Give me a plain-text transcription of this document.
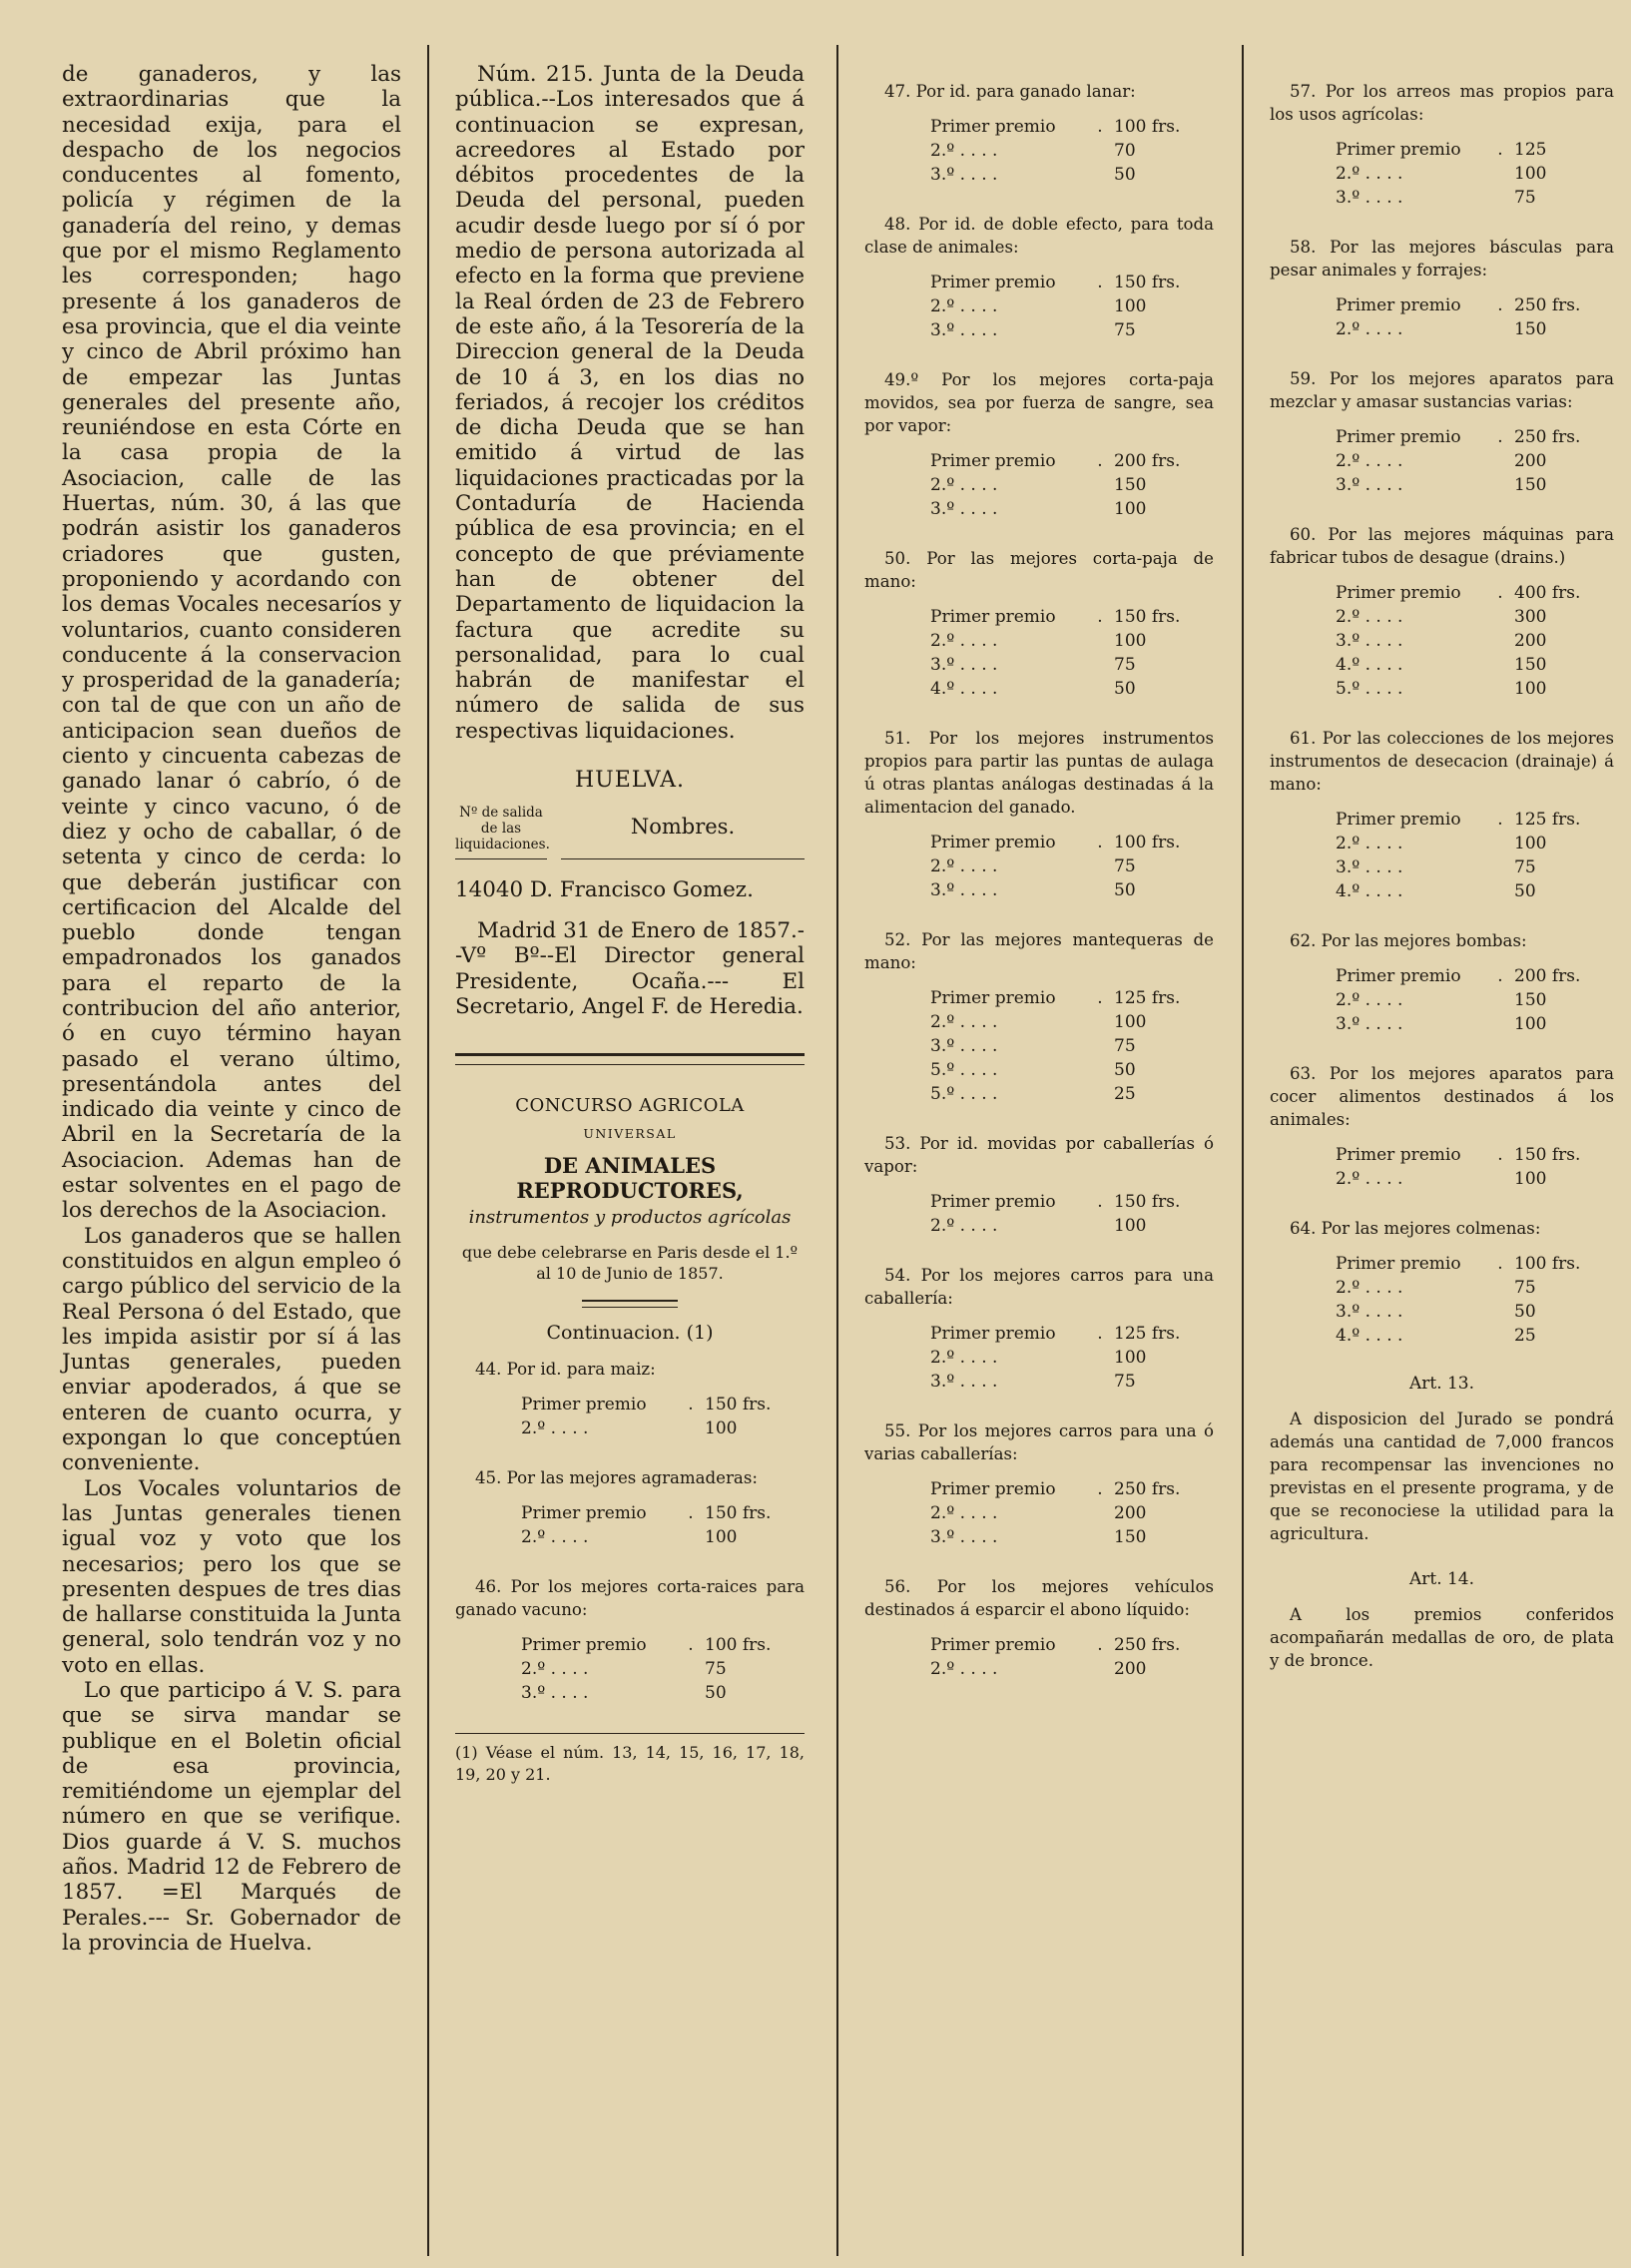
de ganaderos, y las extraordinarias que la necesidad exija, para el despacho de los negocios conducentes al fomento, policía y régimen de la ganadería del reino, y demas que por el mismo Reglamento les corresponden; hago presente á los ganaderos de esa provincia, que el dia veinte y cinco de Abril próximo han de empezar las Juntas generales del presente año, reuniéndose en esta Córte en la casa propia de la Asociacion, calle de las Huertas, núm. 30, á las que podrán asistir los ganaderos criadores que gusten, proponiendo y acordando con los demas Vocales necesaríos y voluntarios, cuanto consideren conducente á la conservacion y prosperidad de la ganadería; con tal de que con un año de anticipacion sean dueños de ciento y cincuenta cabezas de ganado lanar ó cabrío, ó de veinte y cinco vacuno, ó de diez y ocho de caballar, ó de setenta y cinco de cerda: lo que deberán justificar con certificacion del Alcalde del pueblo donde tengan empadronados los ganados para el reparto de la contribucion del año anterior, ó en cuyo término hayan pasado el verano último, presentándola antes del indicado dia veinte y cinco de Abril en la Secretaría de la Asociacion. Ademas han de estar solventes en el pago de los derechos de la Asociacion.

Los ganaderos que se hallen constituidos en algun empleo ó cargo público del servicio de la Real Persona ó del Estado, que les impida asistir por sí á las Juntas generales, pueden enviar apoderados, á que se enteren de cuanto ocurra, y expongan lo que conceptúen conveniente.

Los Vocales voluntarios de las Juntas generales tienen igual voz y voto que los necesarios; pero los que se presenten despues de tres dias de hallarse constituida la Junta general, solo tendrán voz y no voto en ellas.

Lo que participo á V. S. para que se sirva mandar se publique en el Boletin oficial de esa provincia, remitiéndome un ejemplar del número en que se verifique. Dios guarde á V. S. muchos años. Madrid 12 de Febrero de 1857. =El Marqués de Perales.--- Sr. Gobernador de la provincia de Huelva.

Núm. 215. Junta de la Deuda pública.--Los interesados que á continuacion se expresan, acreedores al Estado por débitos procedentes de la Deuda del personal, pueden acudir desde luego por sí ó por medio de persona autorizada al efecto en la forma que previene la Real órden de 23 de Febrero de este año, á la Tesorería de la Direccion general de la Deuda de 10 á 3, en los dias no feriados, á recojer los créditos de dicha Deuda que se han emitido á virtud de las liquidaciones practicadas por la Contaduría de Hacienda pública de esa provincia; en el concepto de que préviamente han de obtener del Departamento de liquidacion la factura que acredite su personalidad, para lo cual habrán de manifestar el número de salida de sus respectivas liquidaciones.

HUELVA.

Nº de salida de las liquidaciones.
Nombres.

14040 D. Francisco Gomez.

Madrid 31 de Enero de 1857.--Vº Bº--El Director general Presidente, Ocaña.--- El Secretario, Angel F. de Heredia.

CONCURSO AGRICOLA

UNIVERSAL

DE ANIMALES REPRODUCTORES,

instrumentos y productos agrícolas

que debe celebrarse en Paris desde el 1.º al 10 de Junio de 1857.

Continuacion. (1)

44. Por id. para maiz:

Primer premio	.	150 frs.
2.º . . . .		100

45. Por las mejores agramaderas:

Primer premio	.	150 frs.
2.º . . . .		100

46. Por los mejores corta-raices para ganado vacuno:

Primer premio	.	100 frs.
2.º . . . .		75
3.º . . . .		50

(1) Véase el núm. 13, 14, 15, 16, 17, 18, 19, 20 y 21.

47. Por id. para ganado lanar:

Primer premio	.	100 frs.
2.º . . . .		70
3.º . . . .		50

48. Por id. de doble efecto, para toda clase de animales:

Primer premio	.	150 frs.
2.º . . . .		100
3.º . . . .		75

49.º Por los mejores corta-paja movidos, sea por fuerza de sangre, sea por vapor:

Primer premio	.	200 frs.
2.º . . . .		150
3.º . . . .		100

50. Por las mejores corta-paja de mano:

Primer premio	.	150 frs.
2.º . . . .		100
3.º . . . .		75
4.º . . . .		50

51. Por los mejores instrumentos propios para partir las puntas de aulaga ú otras plantas análogas destinadas á la alimentacion del ganado.

Primer premio	.	100 frs.
2.º . . . .		75
3.º . . . .		50

52. Por las mejores mantequeras de mano:

Primer premio	.	125 frs.
2.º . . . .		100
3.º . . . .		75
5.º . . . .		50
5.º . . . .		25

53. Por id. movidas por caballerías ó vapor:

Primer premio	.	150 frs.
2.º . . . .		100

54. Por los mejores carros para una caballería:

Primer premio	.	125 frs.
2.º . . . .		100
3.º . . . .		75

55. Por los mejores carros para una ó varias caballerías:

Primer premio	.	250 frs.
2.º . . . .		200
3.º . . . .		150

56. Por los mejores vehículos destinados á esparcir el abono líquido:

Primer premio	.	250 frs.
2.º . . . .		200

57. Por los arreos mas propios para los usos agrícolas:

Primer premio	.	125
2.º . . . .		100
3.º . . . .		75

58. Por las mejores básculas para pesar animales y forrajes:

Primer premio	.	250 frs.
2.º . . . .		150

59. Por los mejores aparatos para mezclar y amasar sustancias varias:

Primer premio	.	250 frs.
2.º . . . .		200
3.º . . . .		150

60. Por las mejores máquinas para fabricar tubos de desague (drains.)

Primer premio	.	400 frs.
2.º . . . .		300
3.º . . . .		200
4.º . . . .		150
5.º . . . .		100

61. Por las colecciones de los mejores instrumentos de desecacion (drainaje) á mano:

Primer premio	.	125 frs.
2.º . . . .		100
3.º . . . .		75
4.º . . . .		50

62. Por las mejores bombas:

Primer premio	.	200 frs.
2.º . . . .		150
3.º . . . .		100

63. Por los mejores aparatos para cocer alimentos destinados á los animales:

Primer premio	.	150 frs.
2.º . . . .		100

64. Por las mejores colmenas:

Primer premio	.	100 frs.
2.º . . . .		75
3.º . . . .		50
4.º . . . .		25

Art. 13.

A disposicion del Jurado se pondrá además una cantidad de 7,000 francos para recompensar las invenciones no previstas en el presente programa, y de que se reconociese la utilidad para la agricultura.

Art. 14.

A los premios conferidos acompañarán medallas de oro, de plata y de bronce.
